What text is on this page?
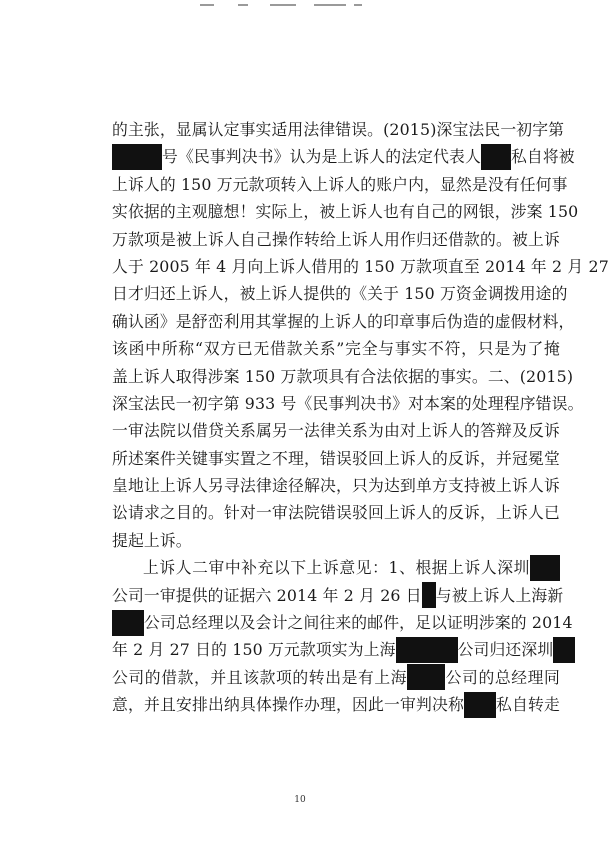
的主张，显属认定事实适用法律错误。(2015)深宝法民一初字第
号《民事判决书》认为是上诉人的法定代表人 私自将被
上诉人的 150 万元款项转入上诉人的账户内，显然是没有任何事
实依据的主观臆想！实际上，被上诉人也有自己的网银，涉案 150
万款项是被上诉人自己操作转给上诉人用作归还借款的。被上诉
人于 2005 年 4 月向上诉人借用的 150 万款项直至 2014 年 2 月 27
日才归还上诉人，被上诉人提供的《关于 150 万资金调拨用途的
确认函》是舒峦利用其掌握的上诉人的印章事后伪造的虚假材料，
该函中所称“双方已无借款关系”完全与事实不符，只是为了掩
盖上诉人取得涉案 150 万款项具有合法依据的事实。二、(2015)
深宝法民一初字第 933 号《民事判决书》对本案的处理程序错误。
一审法院以借贷关系属另一法律关系为由对上诉人的答辩及反诉
所述案件关键事实置之不理，错误驳回上诉人的反诉，并冠冕堂
皇地让上诉人另寻法律途径解决，只为达到单方支持被上诉人诉
讼请求之目的。针对一审法院错误驳回上诉人的反诉，上诉人已
提起上诉。
上诉人二审中补充以下上诉意见：1、根据上诉人深圳
公司一审提供的证据六 2014 年 2 月 26 日 与被上诉人上海新
公司总经理以及会计之间往来的邮件，足以证明涉案的 2014
年 2 月 27 日的 150 万元款项实为上海	公司归还深圳
公司的借款，并且该款项的转出是有上海 公司的总经理同
意，并且安排出纳具体操作办理，因此一审判决称 私自转走
10
